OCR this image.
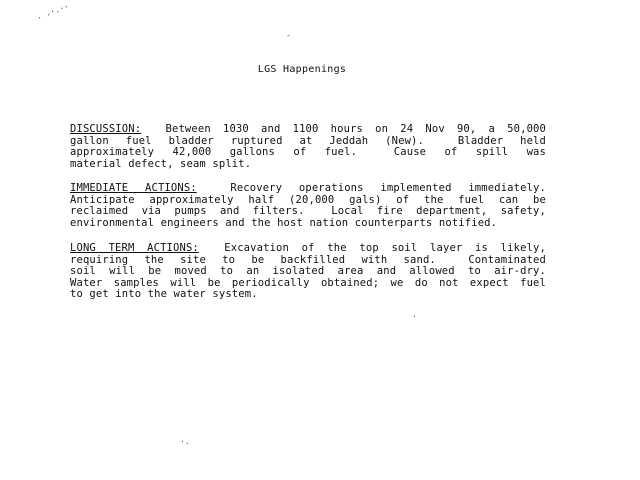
. .·.··
-
.
·.
LGS Happenings
DISCUSSION: Between 1030 and 1100 hours on 24 Nov 90, a 50,000
gallon fuel bladder ruptured at Jeddah (New).  Bladder held
approximately 42,000 gallons of fuel.  Cause of spill was
material defect, seam split.
IMMEDIATE ACTIONS:	Recovery operations implemented immediately.
Anticipate approximately half (20,000 gals) of the fuel can be
reclaimed via pumps and filters.  Local fire department, safety,
environmental engineers and the host nation counterparts notified.
LONG TERM ACTIONS: Excavation of the top soil layer is likely,
requiring the site to be backfilled with sand.  Contaminated
soil will be moved to an isolated area and allowed to air-dry.
Water samples will be periodically obtained; we do not expect fuel
to get into the water system.
